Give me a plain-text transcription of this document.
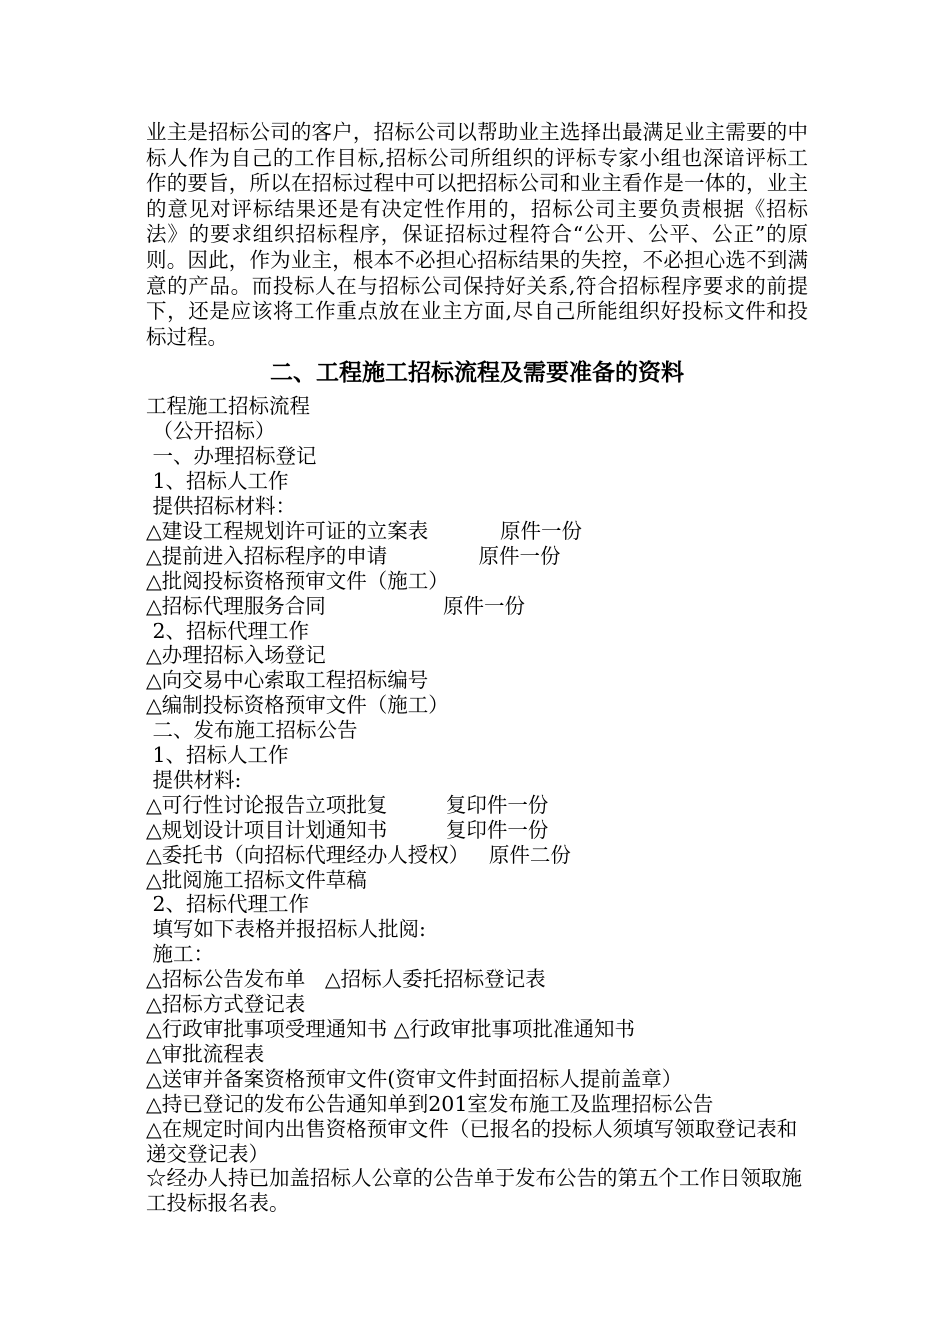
业主是招标公司的客户，招标公司以帮助业主选择出最满足业主需要的中标人作为自己的工作目标,招标公司所组织的评标专家小组也深谙评标工作的要旨，所以在招标过程中可以把招标公司和业主看作是一体的，业主的意见对评标结果还是有决定性作用的，招标公司主要负责根据《招标法》的要求组织招标程序，保证招标过程符合“公开、公平、公正”的原则。因此，作为业主，根本不必担心招标结果的失控，不必担心选不到满意的产品。而投标人在与招标公司保持好关系,符合招标程序要求的前提下，还是应该将工作重点放在业主方面,尽自己所能组织好投标文件和投标过程。

二、工程施工招标流程及需要准备的资料
工程施工招标流程
（公开招标）
一、办理招标登记
1、招标人工作
提供招标材料：
△建设工程规划许可证的立案表           原件一份
△提前进入招标程序的申请              原件一份
△批阅投标资格预审文件（施工）
△招标代理服务合同                  原件一份
2、招标代理工作
△办理招标入场登记
△向交易中心索取工程招标编号
△编制投标资格预审文件（施工）
二、发布施工招标公告
1、招标人工作
提供材料:
△可行性讨论报告立项批复         复印件一份
△规划设计项目计划通知书         复印件一份
△委托书（向招标代理经办人授权）   原件二份
△批阅施工招标文件草稿
2、招标代理工作
填写如下表格并报招标人批阅:
施工：
△招标公告发布单   △招标人委托招标登记表
△招标方式登记表
△行政审批事项受理通知书 △行政审批事项批准通知书
△审批流程表
△送审并备案资格预审文件(资审文件封面招标人提前盖章）
△持已登记的发布公告通知单到201室发布施工及监理招标公告
△在规定时间内出售资格预审文件（已报名的投标人须填写领取登记表和递交登记表）
☆经办人持已加盖招标人公章的公告单于发布公告的第五个工作日领取施工投标报名表。
